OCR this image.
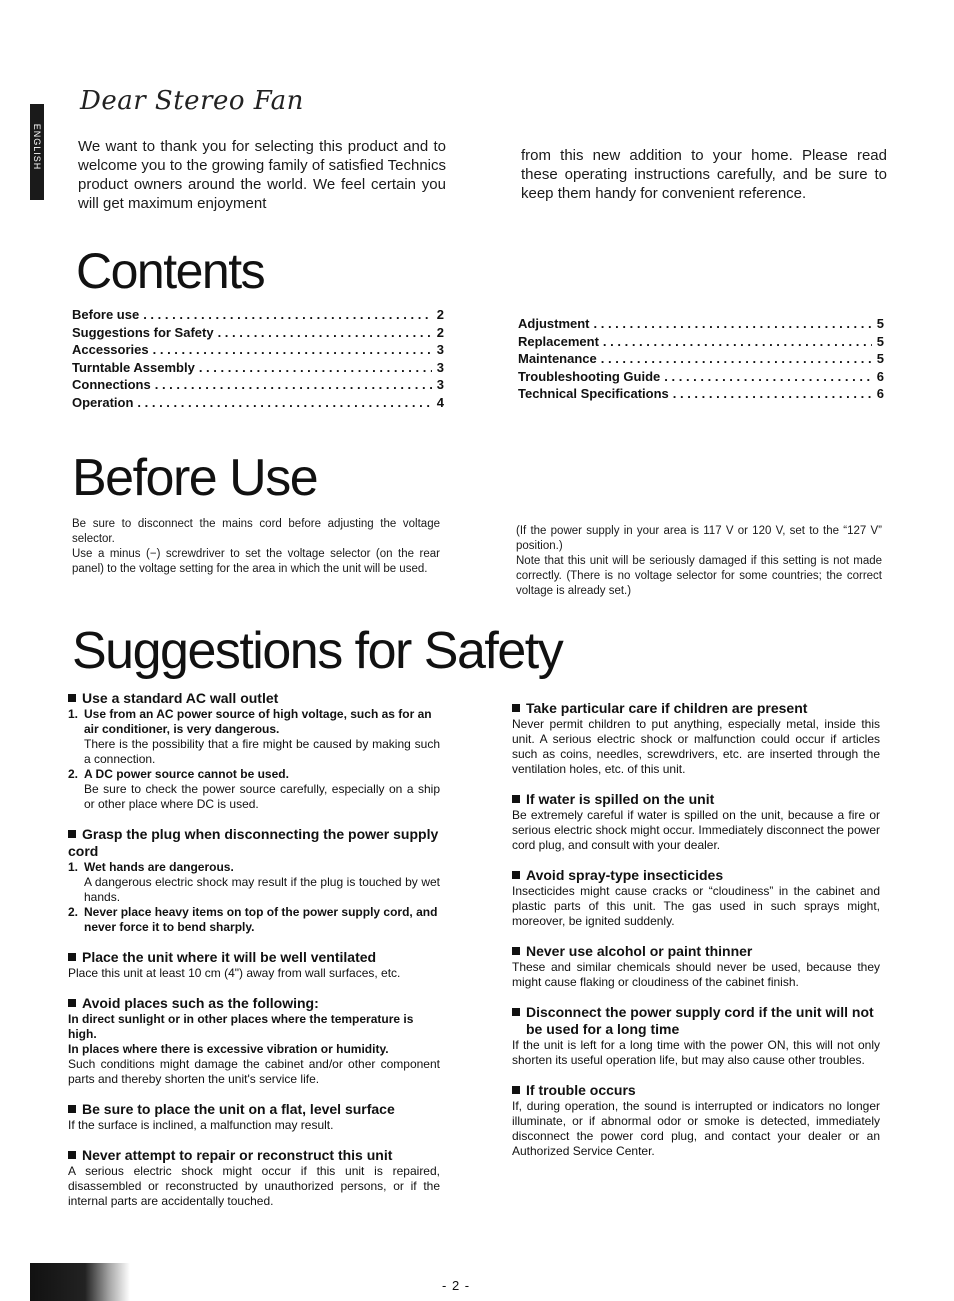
ENGLISH
Dear Stereo Fan
We want to thank you for selecting this product and to welcome you to the growing family of satisfied Technics product owners around the world. We feel certain you will get maximum enjoyment
from this new addition to your home. Please read these operating instructions carefully, and be sure to keep them handy for convenient reference.
Contents
Before use . . .	2
Suggestions for Safety . . .	2
Accessories . . .	3
Turntable Assembly . . .	3
Connections . . .	3
Operation . . .	4
Adjustment . . .	5
Replacement . . .	5
Maintenance . . .	5
Troubleshooting Guide . . .	6
Technical Specifications . . .	6
Before Use
Be sure to disconnect the mains cord before adjusting the voltage selector.
Use a minus (−) screwdriver to set the voltage selector (on the rear panel) to the voltage setting for the area in which the unit will be used.
(If the power supply in your area is 117 V or 120 V, set to the “127 V” position.)
Note that this unit will be seriously damaged if this setting is not made correctly. (There is no voltage selector for some countries; the correct voltage is already set.)
Suggestions for Safety
Use a standard AC wall outlet
1. Use from an AC power source of high voltage, such as for an air conditioner, is very dangerous.
There is the possibility that a fire might be caused by making such a connection.
2. A DC power source cannot be used.
Be sure to check the power source carefully, especially on a ship or other place where DC is used.
Grasp the plug when disconnecting the power supply cord
1. Wet hands are dangerous.
A dangerous electric shock may result if the plug is touched by wet hands.
2. Never place heavy items on top of the power supply cord, and never force it to bend sharply.
Place the unit where it will be well ventilated
Place this unit at least 10 cm (4") away from wall surfaces, etc.
Avoid places such as the following:
In direct sunlight or in other places where the temperature is high.
In places where there is excessive vibration or humidity.
Such conditions might damage the cabinet and/or other component parts and thereby shorten the unit's service life.
Be sure to place the unit on a flat, level surface
If the surface is inclined, a malfunction may result.
Never attempt to repair or reconstruct this unit
A serious electric shock might occur if this unit is repaired, disassembled or reconstructed by unauthorized persons, or if the internal parts are accidentally touched.
Take particular care if children are present
Never permit children to put anything, especially metal, inside this unit. A serious electric shock or malfunction could occur if articles such as coins, needles, screwdrivers, etc. are inserted through the ventilation holes, etc. of this unit.
If water is spilled on the unit
Be extremely careful if water is spilled on the unit, because a fire or serious electric shock might occur. Immediately disconnect the power cord plug, and consult with your dealer.
Avoid spray-type insecticides
Insecticides might cause cracks or “cloudiness” in the cabinet and plastic parts of this unit. The gas used in such sprays might, moreover, be ignited suddenly.
Never use alcohol or paint thinner
These and similar chemicals should never be used, because they might cause flaking or cloudiness of the cabinet finish.
Disconnect the power supply cord if the unit will not be used for a long time
If the unit is left for a long time with the power ON, this will not only shorten its useful operation life, but may also cause other troubles.
If trouble occurs
If, during operation, the sound is interrupted or indicators no longer illuminate, or if abnormal odor or smoke is detected, immediately disconnect the power cord plug, and contact your dealer or an Authorized Service Center.
- 2 -
